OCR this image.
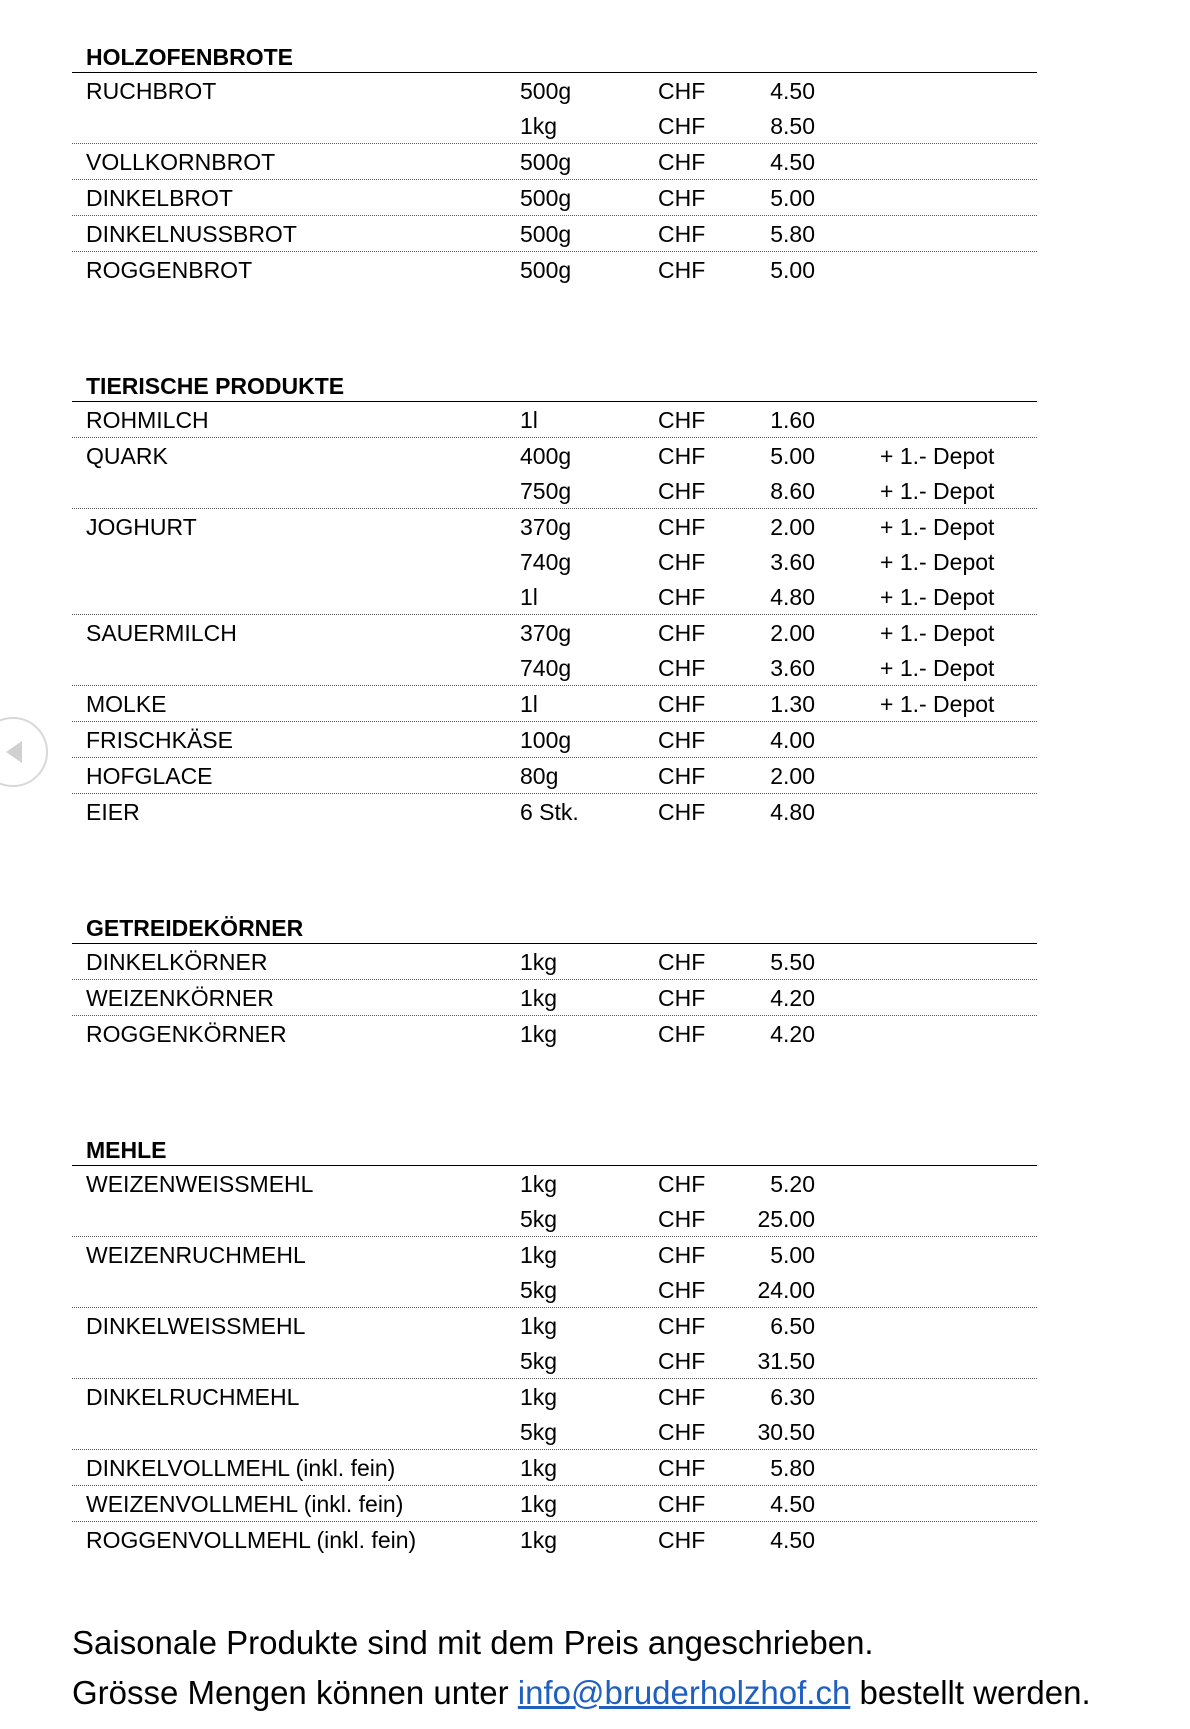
HOLZOFENBROTE
RUCHBROT	500g	CHF	4.50
1kg	CHF	8.50
VOLLKORNBROT	500g	CHF	4.50
DINKELBROT	500g	CHF	5.00
DINKELNUSSBROT	500g	CHF	5.80
ROGGENBROT	500g	CHF	5.00
TIERISCHE PRODUKTE
ROHMILCH	1l	CHF	1.60
QUARK	400g	CHF	5.00	+ 1.- Depot
750g	CHF	8.60	+ 1.- Depot
JOGHURT	370g	CHF	2.00	+ 1.- Depot
740g	CHF	3.60	+ 1.- Depot
1l	CHF	4.80	+ 1.- Depot
SAUERMILCH	370g	CHF	2.00	+ 1.- Depot
740g	CHF	3.60	+ 1.- Depot
MOLKE	1l	CHF	1.30	+ 1.- Depot
FRISCHKÄSE	100g	CHF	4.00
HOFGLACE	80g	CHF	2.00
EIER	6 Stk.	CHF	4.80
GETREIDEKÖRNER
DINKELKÖRNER	1kg	CHF	5.50
WEIZENKÖRNER	1kg	CHF	4.20
ROGGENKÖRNER	1kg	CHF	4.20
MEHLE
WEIZENWEISSMEHL	1kg	CHF	5.20
5kg	CHF	25.00
WEIZENRUCHMEHL	1kg	CHF	5.00
5kg	CHF	24.00
DINKELWEISSMEHL	1kg	CHF	6.50
5kg	CHF	31.50
DINKELRUCHMEHL	1kg	CHF	6.30
5kg	CHF	30.50
DINKELVOLLMEHL (inkl. fein)	1kg	CHF	5.80
WEIZENVOLLMEHL (inkl. fein)	1kg	CHF	4.50
ROGGENVOLLMEHL (inkl. fein)	1kg	CHF	4.50
Saisonale Produkte sind mit dem Preis angeschrieben.
Grösse Mengen können unter info@bruderholzhof.ch bestellt werden.
